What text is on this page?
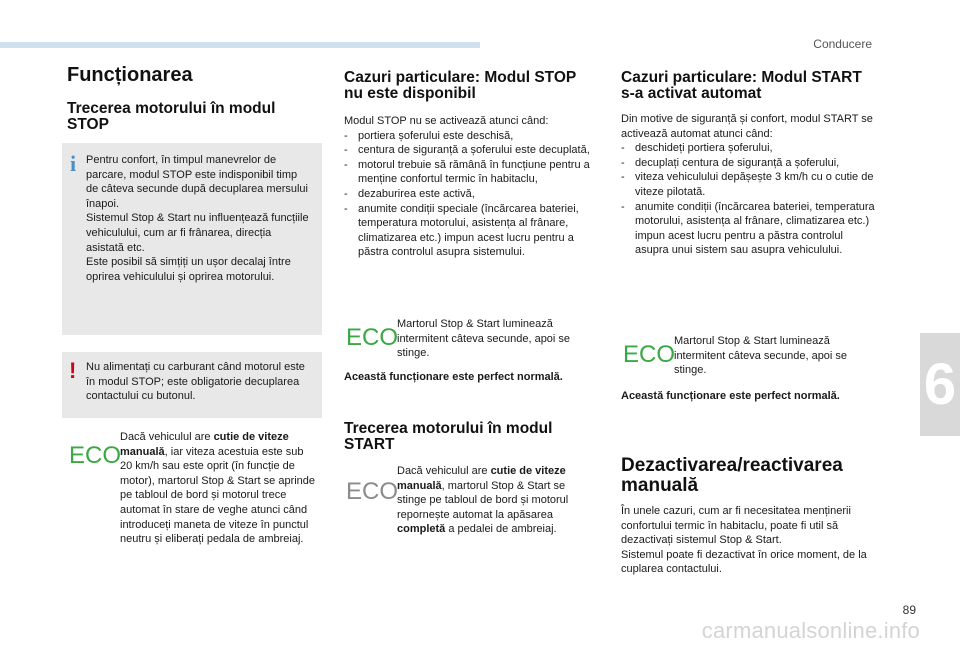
Conducere
6
89
carmanualsonline.info
Funcționarea
Trecerea motorului în modul STOP
i Pentru confort, în timpul manevrelor de parcare, modul STOP este indisponibil timp de câteva secunde după decuplarea mersului înapoi.
Sistemul Stop & Start nu influențează funcțiile vehiculului, cum ar fi frânarea, direcția asistată etc.
Este posibil să simțiți un ușor decalaj între oprirea vehiculului și oprirea motorului.
! Nu alimentați cu carburant când motorul este în modul STOP; este obligatorie decuplarea contactului cu butonul.
ECO
Dacă vehiculul are cutie de viteze manuală, iar viteza acestuia este sub 20 km/h sau este oprit (în funcție de motor), martorul Stop & Start se aprinde pe tabloul de bord și motorul trece automat în stare de veghe atunci când introduceți maneta de viteze în punctul neutru și eliberați pedala de ambreiaj.
Cazuri particulare: Modul STOP nu este disponibil
Modul STOP nu se activează atunci când:
- portiera șoferului este deschisă,
- centura de siguranță a șoferului este decuplată,
- motorul trebuie să rămână în funcțiune pentru a menține confortul termic în habitaclu,
- dezaburirea este activă,
- anumite condiții speciale (încărcarea bateriei, temperatura motorului, asistența al frânare, climatizarea etc.) impun acest lucru pentru a păstra controlul asupra sistemului.
ECO
Martorul Stop & Start luminează intermitent câteva secunde, apoi se stinge.
Această funcționare este perfect normală.
Trecerea motorului în modul START
ECO
Dacă vehiculul are cutie de viteze manuală, martorul Stop & Start se stinge pe tabloul de bord și motorul repornește automat la apăsarea completă a pedalei de ambreiaj.
Cazuri particulare: Modul START s-a activat automat
Din motive de siguranță și confort, modul START se activează automat atunci când:
- deschideți portiera șoferului,
- decuplați centura de siguranță a șoferului,
- viteza vehiculului depășește 3 km/h cu o cutie de viteze pilotată.
- anumite condiții (încărcarea bateriei, temperatura motorului, asistența al frânare, climatizarea etc.) impun acest lucru pentru a păstra controlul asupra unui sistem sau asupra vehiculului.
ECO
Martorul Stop & Start luminează intermitent câteva secunde, apoi se stinge.
Această funcționare este perfect normală.
Dezactivarea/reactivarea manuală
În unele cazuri, cum ar fi necesitatea menținerii confortului termic în habitaclu, poate fi util să dezactivați sistemul Stop & Start.
Sistemul poate fi dezactivat în orice moment, de la cuplarea contactului.
